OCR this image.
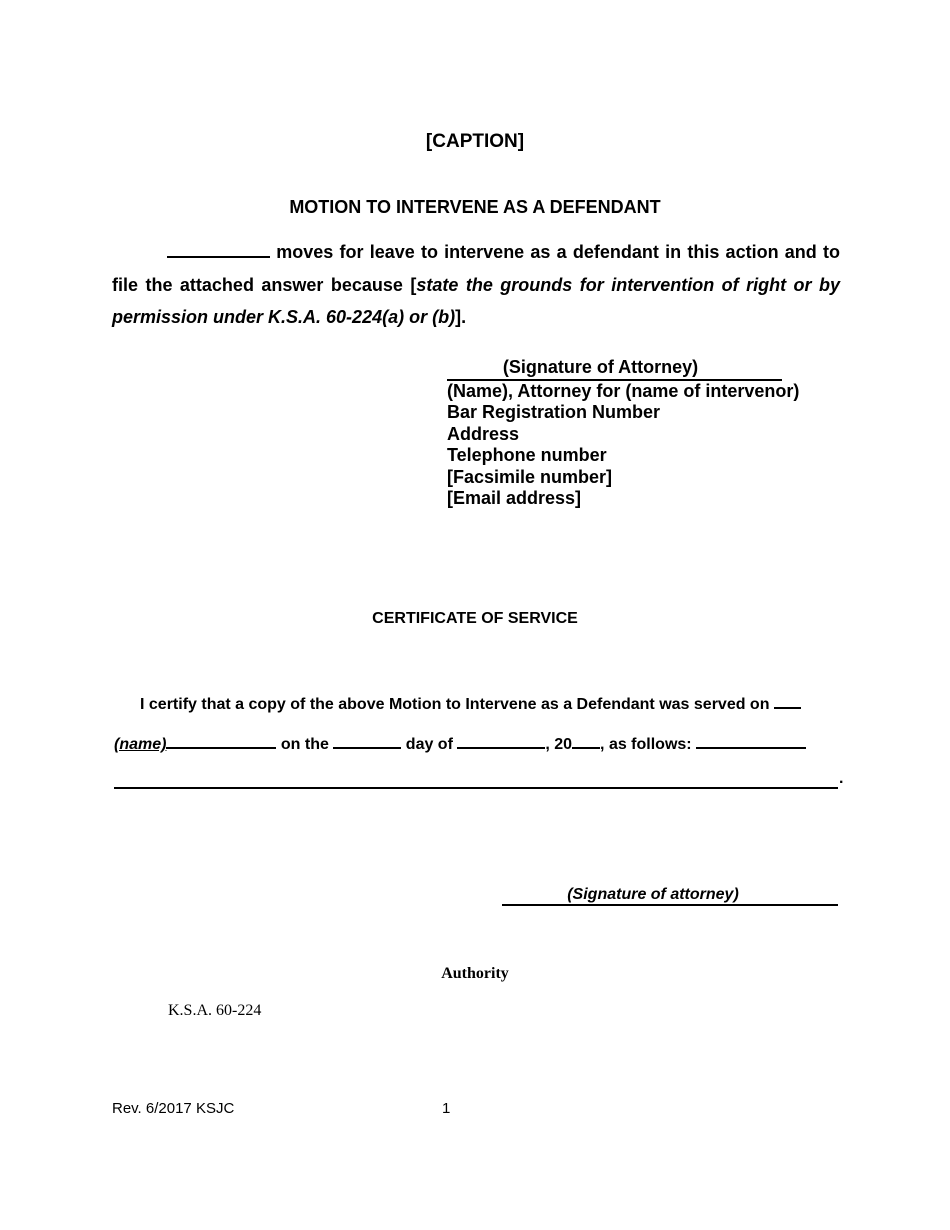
[CAPTION]
MOTION TO INTERVENE AS A DEFENDANT
moves for leave to intervene as a defendant in this action and to file the attached answer because [state the grounds for intervention of right or by permission under K.S.A. 60-224(a) or (b)].
(Signature of Attorney)
(Name), Attorney for (name of intervenor)
Bar Registration Number
Address
Telephone number
[Facsimile number]
[Email address]
CERTIFICATE OF SERVICE
I certify that a copy of the above Motion to Intervene as a Defendant was served on
(name)	on the	day of	, 20 , as follows:
.
(Signature of attorney)
Authority
K.S.A. 60-224
Rev. 6/2017 KSJC	1
